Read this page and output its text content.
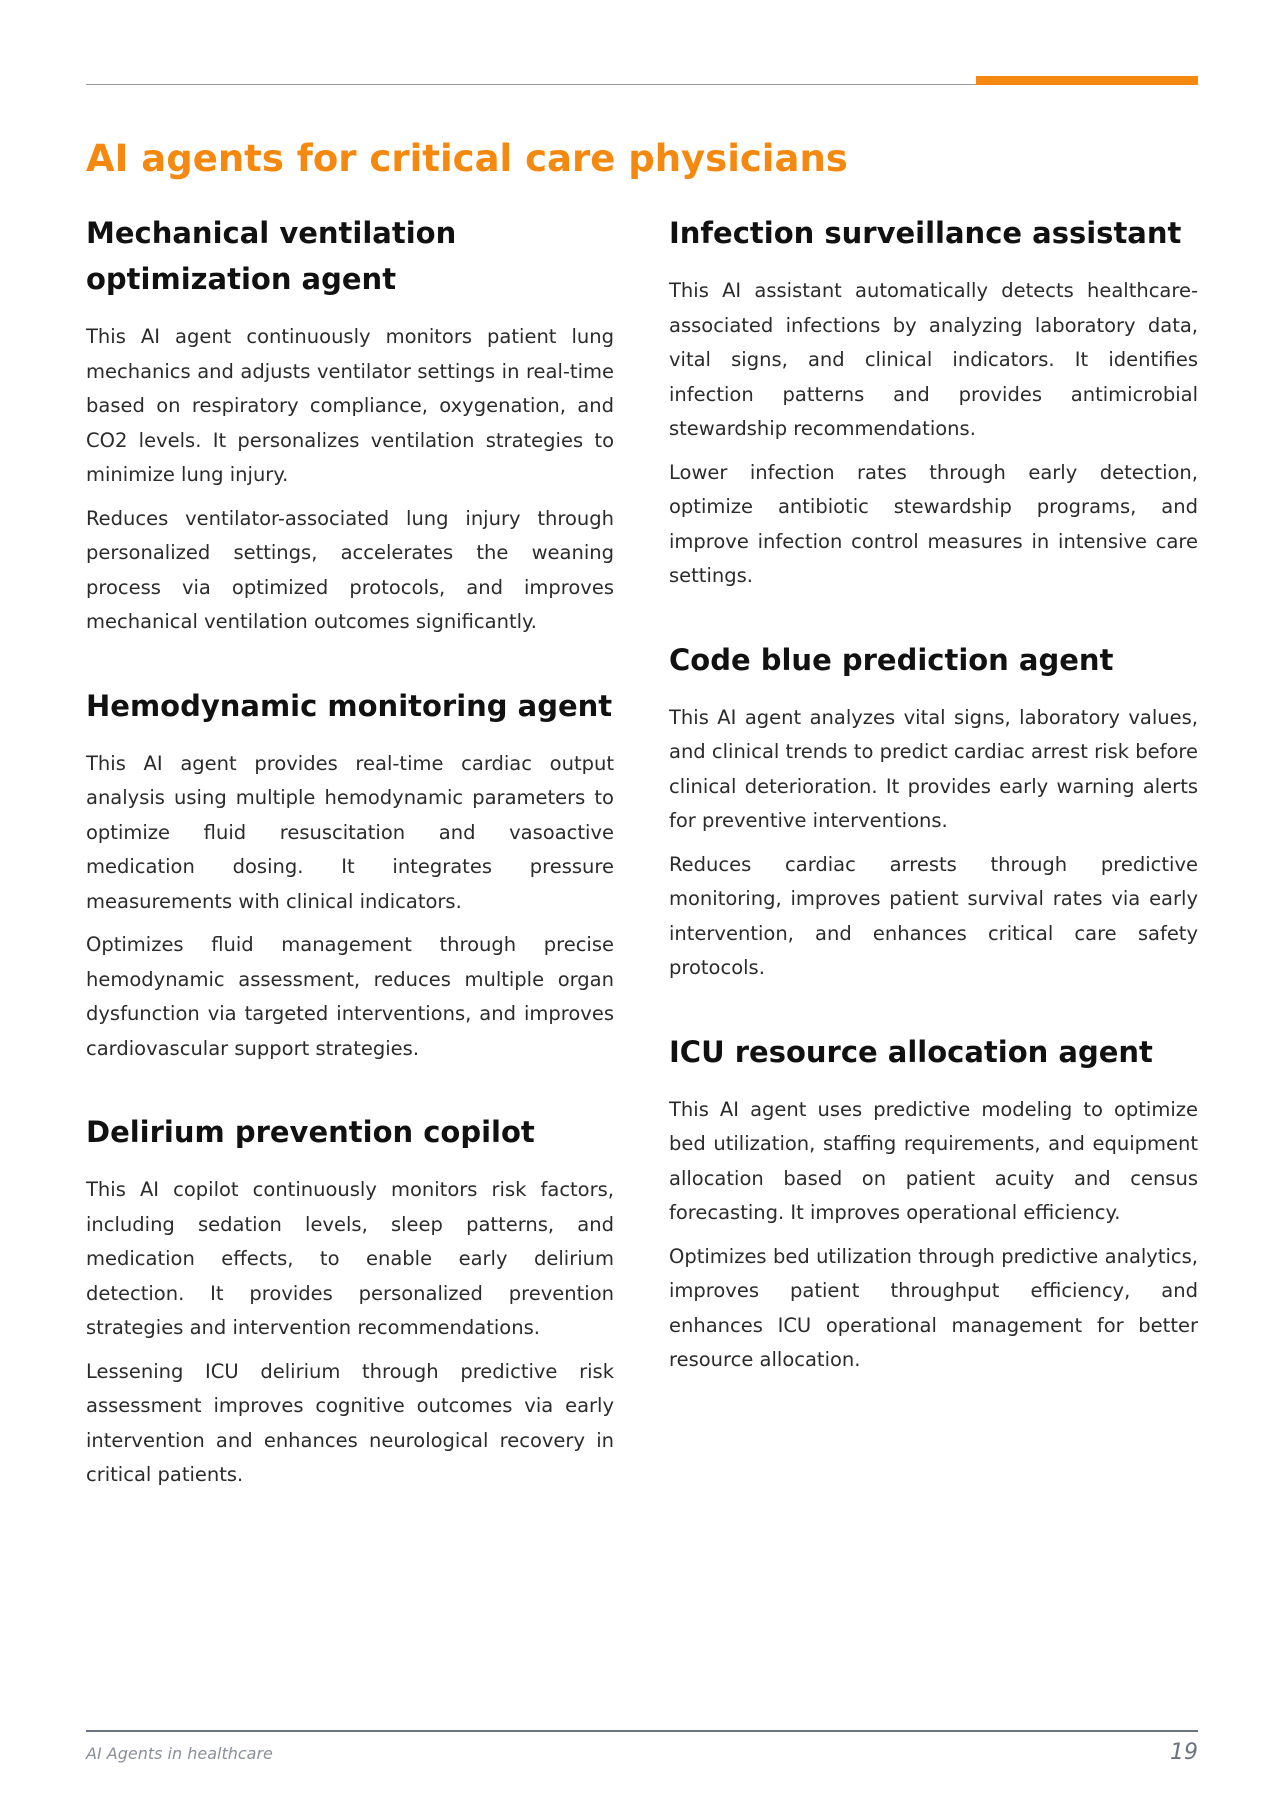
AI agents for critical care physicians
Mechanical ventilation optimization agent

This AI agent continuously monitors patient lung mechanics and adjusts ventilator settings in real-time based on respiratory compliance, oxygenation, and CO2 levels. It personalizes ventilation strategies to minimize lung injury.

Reduces ventilator-associated lung injury through personalized settings, accelerates the weaning process via optimized protocols, and improves mechanical ventilation outcomes significantly.

Hemodynamic monitoring agent

This AI agent provides real-time cardiac output analysis using multiple hemodynamic parameters to optimize fluid resuscitation and vasoactive medication dosing. It integrates pressure measurements with clinical indicators.

Optimizes fluid management through precise hemodynamic assessment, reduces multiple organ dysfunction via targeted interventions, and improves cardiovascular support strategies.

Delirium prevention copilot

This AI copilot continuously monitors risk factors, including sedation levels, sleep patterns, and medication effects, to enable early delirium detection. It provides personalized prevention strategies and intervention recommendations.

Lessening ICU delirium through predictive risk assessment improves cognitive outcomes via early intervention and enhances neurological recovery in critical patients.

Infection surveillance assistant

This AI assistant automatically detects healthcare-associated infections by analyzing laboratory data, vital signs, and clinical indicators. It identifies infection patterns and provides antimicrobial stewardship recommendations.

Lower infection rates through early detection, optimize antibiotic stewardship programs, and improve infection control measures in intensive care settings.

Code blue prediction agent

This AI agent analyzes vital signs, laboratory values, and clinical trends to predict cardiac arrest risk before clinical deterioration. It provides early warning alerts for preventive interventions.

Reduces cardiac arrests through predictive monitoring, improves patient survival rates via early intervention, and enhances critical care safety protocols.

ICU resource allocation agent

This AI agent uses predictive modeling to optimize bed utilization, staffing requirements, and equipment allocation based on patient acuity and census forecasting. It improves operational efficiency.

Optimizes bed utilization through predictive analytics, improves patient throughput efficiency, and enhances ICU operational management for better resource allocation.

AI Agents in healthcare	19
